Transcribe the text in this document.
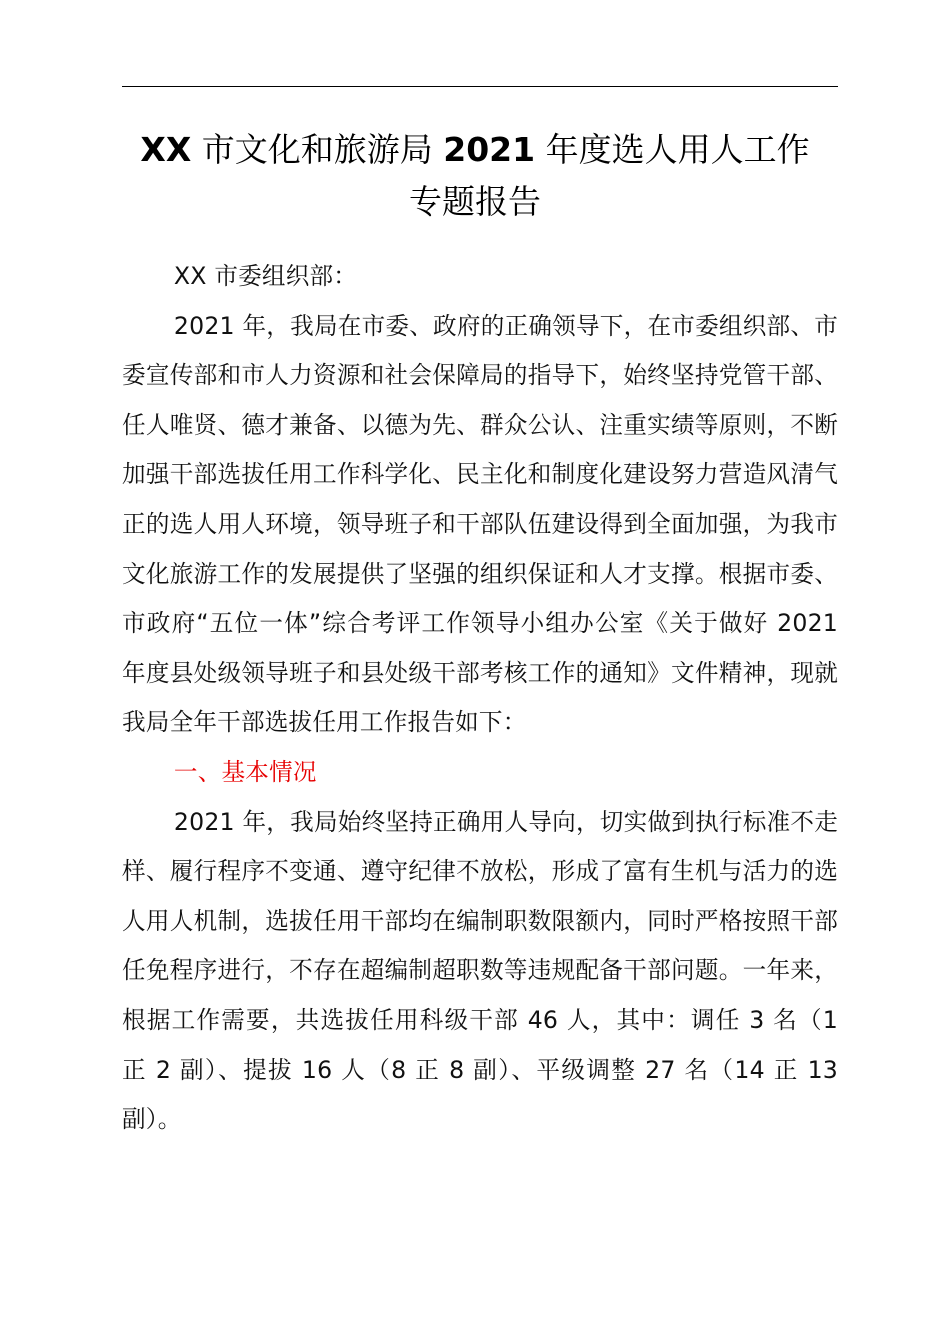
XX 市文化和旅游局 2021 年度选人用人工作
专题报告

XX 市委组织部：

2021 年，我局在市委、政府的正确领导下，在市委组织部、市委宣传部和市人力资源和社会保障局的指导下，始终坚持党管干部、任人唯贤、德才兼备、以德为先、群众公认、注重实绩等原则，不断加强干部选拔任用工作科学化、民主化和制度化建设努力营造风清气正的选人用人环境，领导班子和干部队伍建设得到全面加强，为我市文化旅游工作的发展提供了坚强的组织保证和人才支撑。根据市委、市政府“五位一体”综合考评工作领导小组办公室《关于做好 2021 年度县处级领导班子和县处级干部考核工作的通知》文件精神，现就我局全年干部选拔任用工作报告如下：

一、基本情况

2021 年，我局始终坚持正确用人导向，切实做到执行标准不走样、履行程序不变通、遵守纪律不放松，形成了富有生机与活力的选人用人机制，选拔任用干部均在编制职数限额内，同时严格按照干部任免程序进行，不存在超编制超职数等违规配备干部问题。一年来，根据工作需要，共选拔任用科级干部 46 人，其中：调任 3 名（1 正 2 副）、提拔 16 人（8 正 8 副）、平级调整 27 名（14 正 13 副）。
